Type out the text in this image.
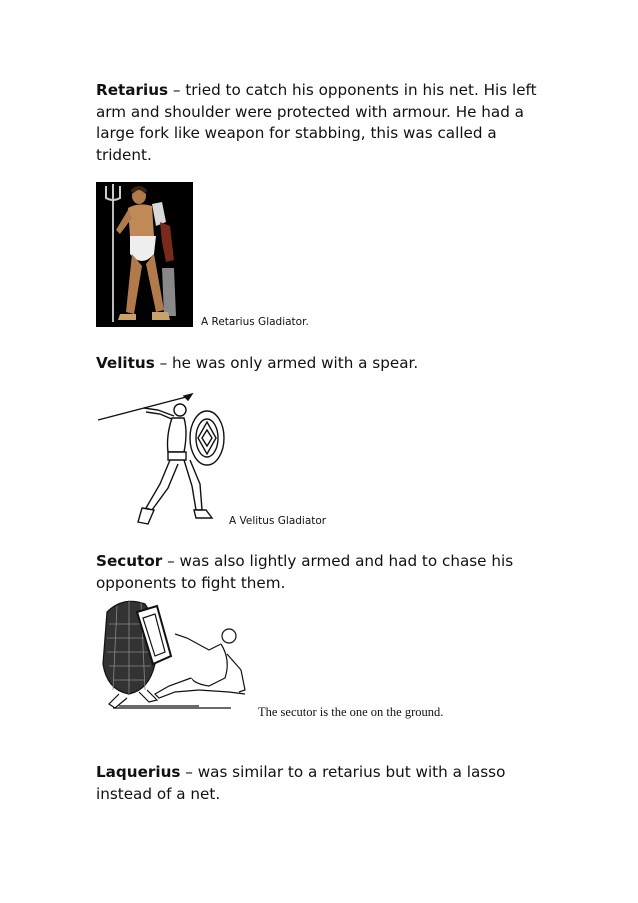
Retarius – tried to catch his opponents in his net. His left arm and shoulder were protected with armour. He had a large fork like weapon for stabbing, this was called a trident.
A Retarius Gladiator.
Velitus – he was only armed with a spear.
A Velitus Gladiator
Secutor – was also lightly armed and had to chase his opponents to fight them.
The secutor is the one on the ground.
Laquerius – was similar to a retarius but with a lasso instead of a net.
